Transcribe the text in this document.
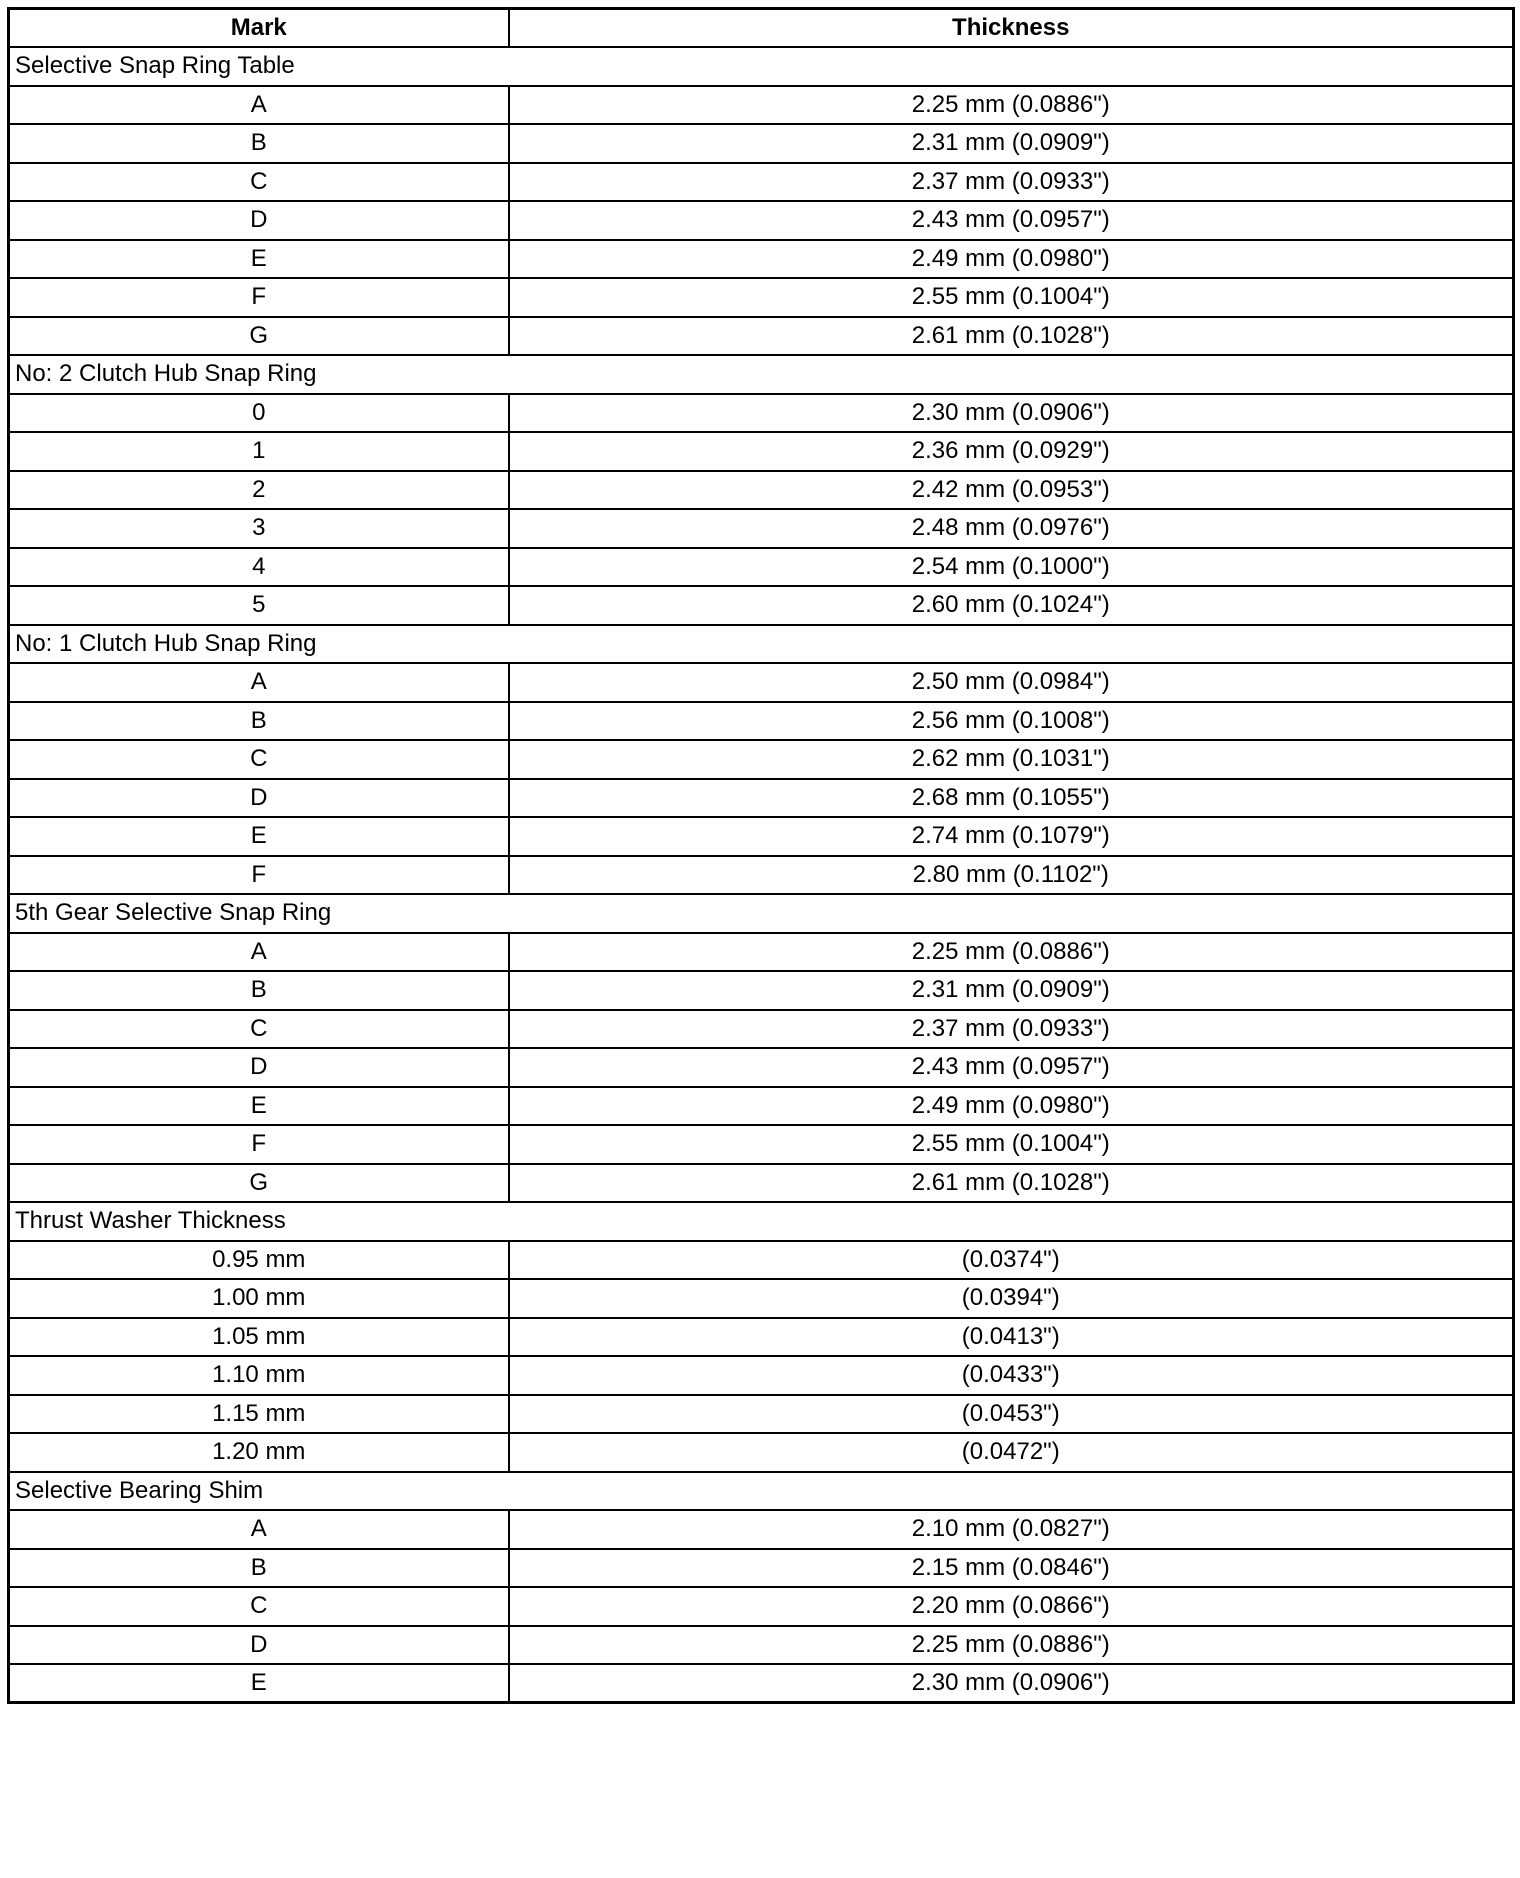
Mark	Thickness
Selective Snap Ring Table	
A	2.25 mm (0.0886")
B	2.31 mm (0.0909")
C	2.37 mm (0.0933")
D	2.43 mm (0.0957")
E	2.49 mm (0.0980")
F	2.55 mm (0.1004")
G	2.61 mm (0.1028")
No: 2 Clutch Hub Snap Ring	
0	2.30 mm (0.0906")
1	2.36 mm (0.0929")
2	2.42 mm (0.0953")
3	2.48 mm (0.0976")
4	2.54 mm (0.1000")
5	2.60 mm (0.1024")
No: 1 Clutch Hub Snap Ring	
A	2.50 mm (0.0984")
B	2.56 mm (0.1008")
C	2.62 mm (0.1031")
D	2.68 mm (0.1055")
E	2.74 mm (0.1079")
F	2.80 mm (0.1102")
5th Gear Selective Snap Ring	
A	2.25 mm (0.0886")
B	2.31 mm (0.0909")
C	2.37 mm (0.0933")
D	2.43 mm (0.0957")
E	2.49 mm (0.0980")
F	2.55 mm (0.1004")
G	2.61 mm (0.1028")
Thrust Washer Thickness	
0.95 mm	(0.0374")
1.00 mm	(0.0394")
1.05 mm	(0.0413")
1.10 mm	(0.0433")
1.15 mm	(0.0453")
1.20 mm	(0.0472")
Selective Bearing Shim	
A	2.10 mm (0.0827")
B	2.15 mm (0.0846")
C	2.20 mm (0.0866")
D	2.25 mm (0.0886")
E	2.30 mm (0.0906")
